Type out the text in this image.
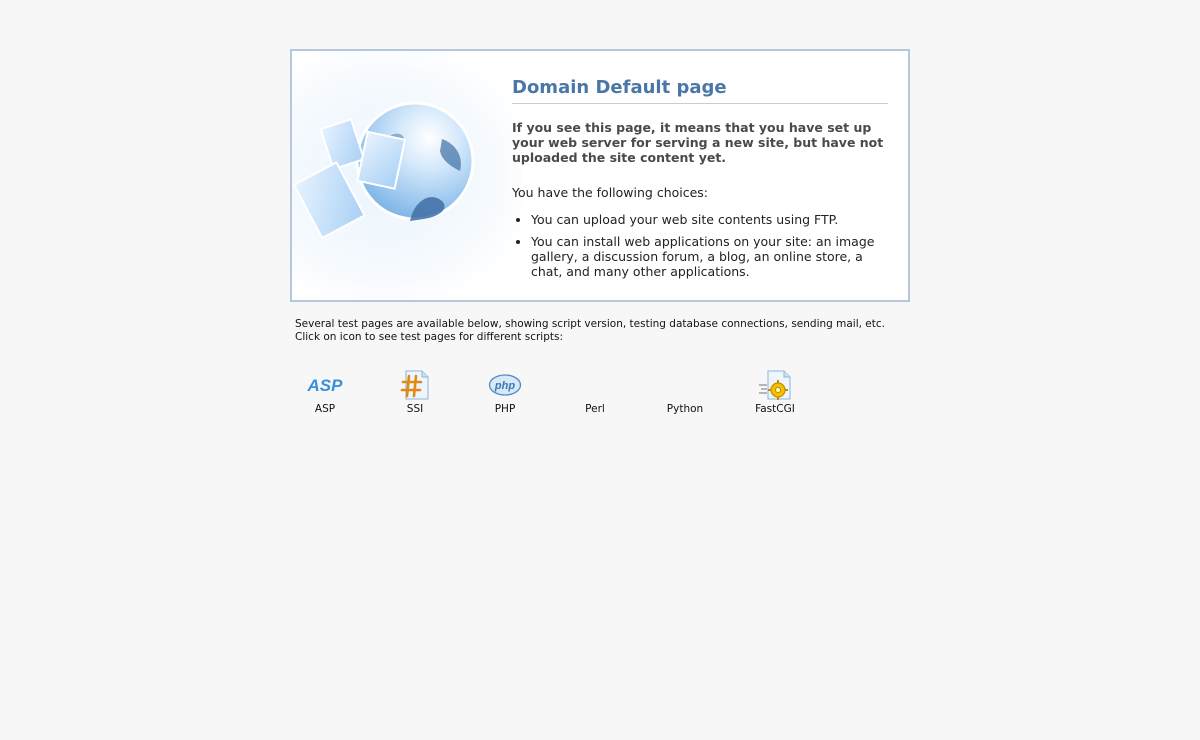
Domain Default page

If you see this page, it means that you have set up your web server for serving a new site, but have not uploaded the site content yet.

You have the following choices:

• You can upload your web site contents using FTP.
• You can install web applications on your site: an image gallery, a discussion forum, a blog, an online store, a chat, and many other applications.
Several test pages are available below, showing script version, testing database connections, sending mail, etc. Click on icon to see test pages for different scripts:
ASP
ASP	SSI
php
PHP	Perl	Python	FastCGI
